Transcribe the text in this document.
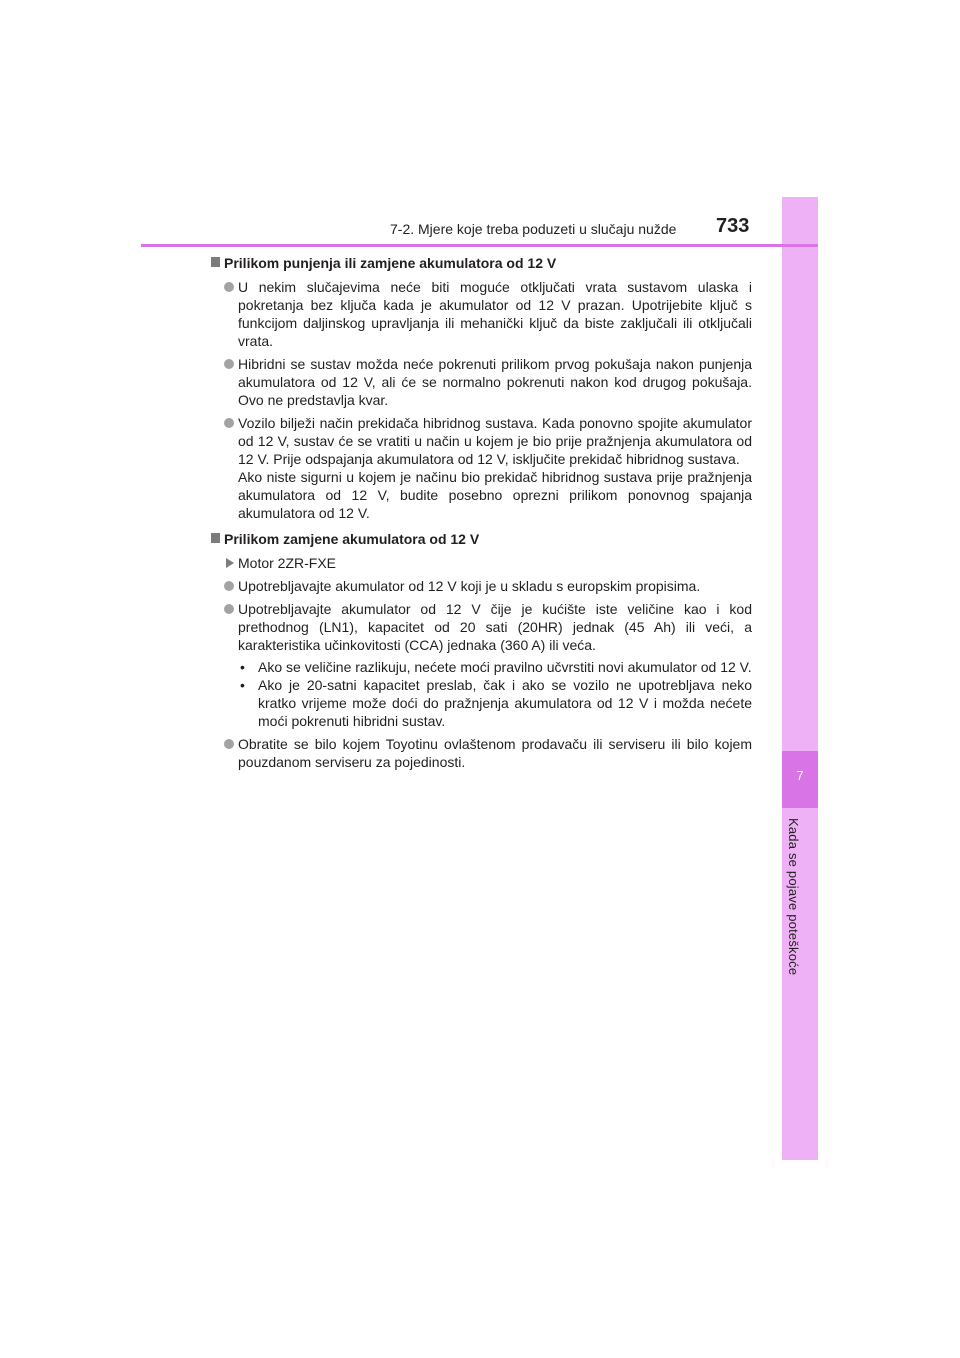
7
Kada se pojave poteškoće
7-2. Mjere koje treba poduzeti u slučaju nužde 733
Prilikom punjenja ili zamjene akumulatora od 12 V

U nekim slučajevima neće biti moguće otključati vrata sustavom ulaska i pokretanja bez ključa kada je akumulator od 12 V prazan. Upotrijebite ključ s funkcijom daljinskog upravljanja ili mehanički ključ da biste zaključali ili otključali vrata.

Hibridni se sustav možda neće pokrenuti prilikom prvog pokušaja nakon punjenja akumulatora od 12 V, ali će se normalno pokrenuti nakon kod drugog pokušaja. Ovo ne predstavlja kvar.

Vozilo bilježi način prekidača hibridnog sustava. Kada ponovno spojite akumulator od 12 V, sustav će se vratiti u način u kojem je bio prije pražnjenja akumulatora od 12 V. Prije odspajanja akumulatora od 12 V, isključite prekidač hibridnog sustava.

Ako niste sigurni u kojem je načinu bio prekidač hibridnog sustava prije pražnjenja akumulatora od 12 V, budite posebno oprezni prilikom ponovnog spajanja akumulatora od 12 V.

Prilikom zamjene akumulatora od 12 V

Motor 2ZR-FXE

Upotrebljavajte akumulator od 12 V koji je u skladu s europskim propisima.

Upotrebljavajte akumulator od 12 V čije je kućište iste veličine kao i kod prethodnog (LN1), kapacitet od 20 sati (20HR) jednak (45 Ah) ili veći, a karakteristika učinkovitosti (CCA) jednaka (360 A) ili veća.

• Ako se veličine razlikuju, nećete moći pravilno učvrstiti novi akumulator od 12 V.
• Ako je 20-satni kapacitet preslab, čak i ako se vozilo ne upotrebljava neko kratko vrijeme može doći do pražnjenja akumulatora od 12 V i možda nećete moći pokrenuti hibridni sustav.

Obratite se bilo kojem Toyotinu ovlaštenom prodavaču ili serviseru ili bilo kojem pouzdanom serviseru za pojedinosti.
